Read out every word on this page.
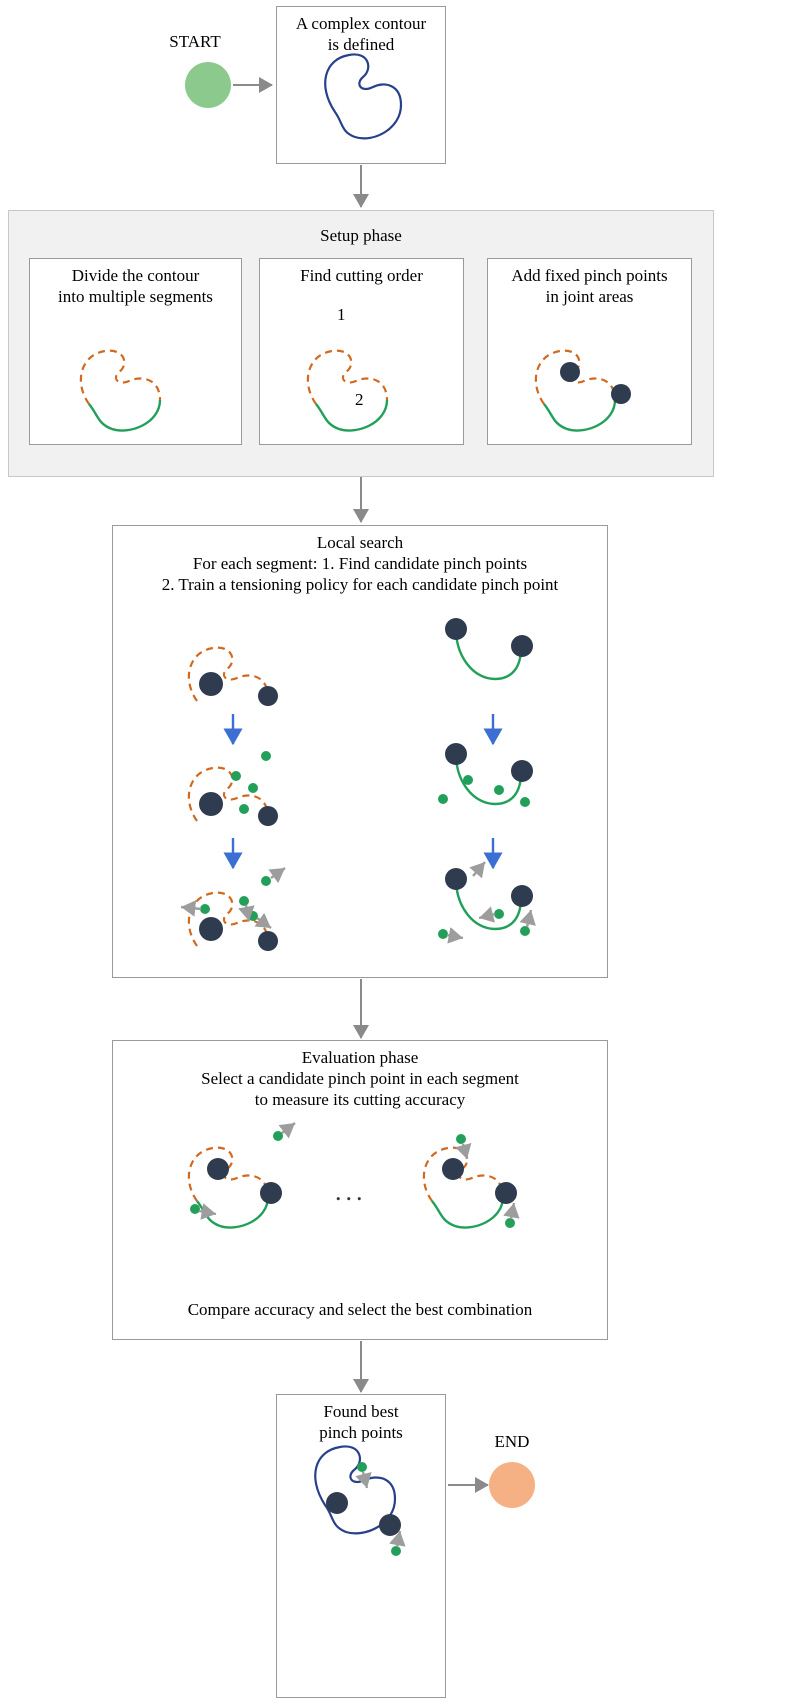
START
A complex contour
is defined
Setup phase
Divide the contour
into multiple segments
Find cutting order
1
2
Add fixed pinch points
in joint areas
Local search
For each segment: 1. Find candidate pinch points
2. Train a tensioning policy for each candidate pinch point
Evaluation phase
Select a candidate pinch point in each segment
to measure its cutting accuracy
...
Compare accuracy and select the best combination
Found best
pinch points	END
